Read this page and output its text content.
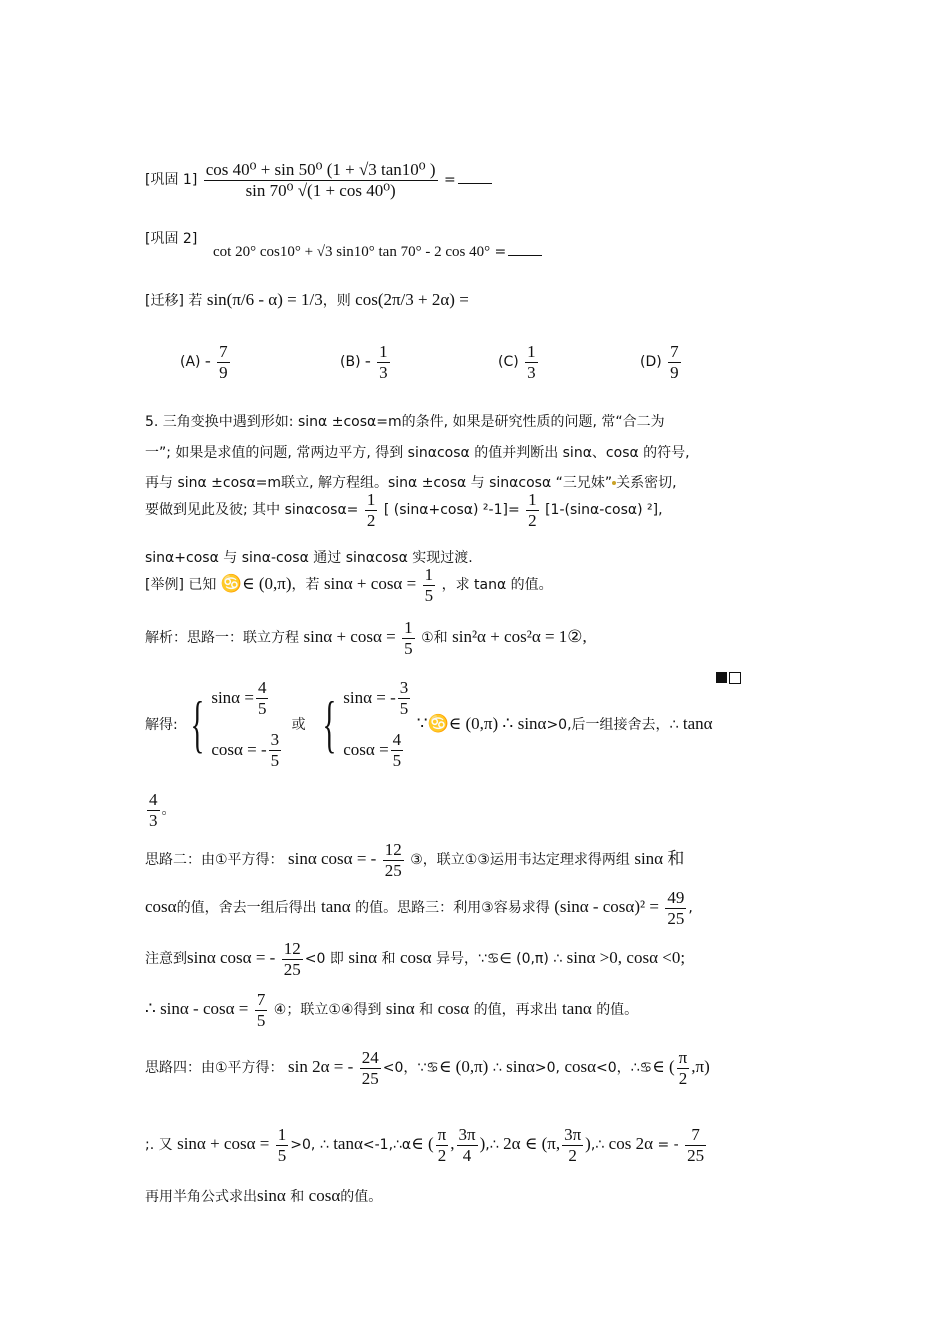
[巩固 $1] \frac{\text{cos 40⁰ + sin 50⁰ (1 + √3 tan10⁰ )}}{\text{sin 70⁰ √(1 + cos 40⁰)}}$ =
[巩固 2]
cot 20° cos10° + √3 sin10° tan 70° - 2 cos 40° =
[迁移] 若 sin(π/6 - α) = 1/3，则 cos(2π/3 + 2α) =
$(A) - \frac{7}{9}$	$(B) - \frac{1}{3}$	$(C) \frac{1}{3}$	$(D) \frac{7}{9}$
5. 三角变换中遇到形如: sinα ±cosα=m的条件, 如果是研究性质的问题, 常“合二为
一”; 如果是求值的问题, 常两边平方, 得到 sinαcosα 的值并判断出 sinα、cosα 的符号,
再与 sinα ±cosα=m联立, 解方程组。sinα ±cosα 与 sinαcosα “三兄妹” 关系密切,
要做到见此及彼; 其中 $\sin\alpha\cos\alpha= \frac{1}{2}$ [ (sinα+cosα) $^2-1]= \frac{1}{2} [1-(\sin\alpha-\cos\alpha)$ ²],
sinα+cosα 与 sinα-cosα 通过 sinαcosα 实现过渡.
[举例] 已知 ♋∈ (0,π)，若 $\sin\alpha + \cos\alpha = \frac{1}{5}$ ，求 tanα 的值。
解析：思路一：联立方程 $\sin\alpha + \cos\alpha = \frac{1}{5}$ ①和 sin²α + cos²α = 1②,
解得: { $\sin\alpha = \frac{4}{5}$
cosα = - $\frac{3}{5}$
或 { sinα = - $\frac{3}{5}$
$\cos\alpha = \frac{4}{5}$
∵♋∈ (0,π) ∴ sinα>0,后一组接舍去，∴ tanα
$\frac{4}{3}$ 。
思路二：由①平方得： sinα cosα = - $\frac{12}{25}$ ③，联立①③运用韦达定理求得两组 sinα 和
cosα的值，舍去一组后得出 tanα 的值。思路三：利用③容易求得 $(\sin\alpha - \cos\alpha)^2 = \frac{49}{25}$ ,
注意到sinα cosα = - $\frac{12}{25} <0$ 即 sinα 和 cosα 异号，∵♋∈ (0,π) ∴ sinα >0, cosα <0;
∴ $\sin\alpha - \cos\alpha = \frac{7}{5}$ ④；联立①④得到 sinα 和 cosα 的值，再求出 tanα 的值。
思路四：由①平方得： sin 2α = - $\frac{24}{25} <0$，∵♋∈ (0,π) ∴ sinα>0, cosα<0，∴♋∈ ( $\frac{\pi}{2} ,\pi$)
;. 又 $\sin\alpha + \cos\alpha = \frac{1}{5} >0$, ∴ tanα<-1,∴α∈ ( $\frac{\pi}{2}$ , $\frac{3\pi}{4}$ ),∴ 2α ∈ (π, $\frac{3\pi}{2}$ ),∴ cos 2α = - $\frac{7}{25}$
再用半角公式求出sinα 和 cosα的值。
